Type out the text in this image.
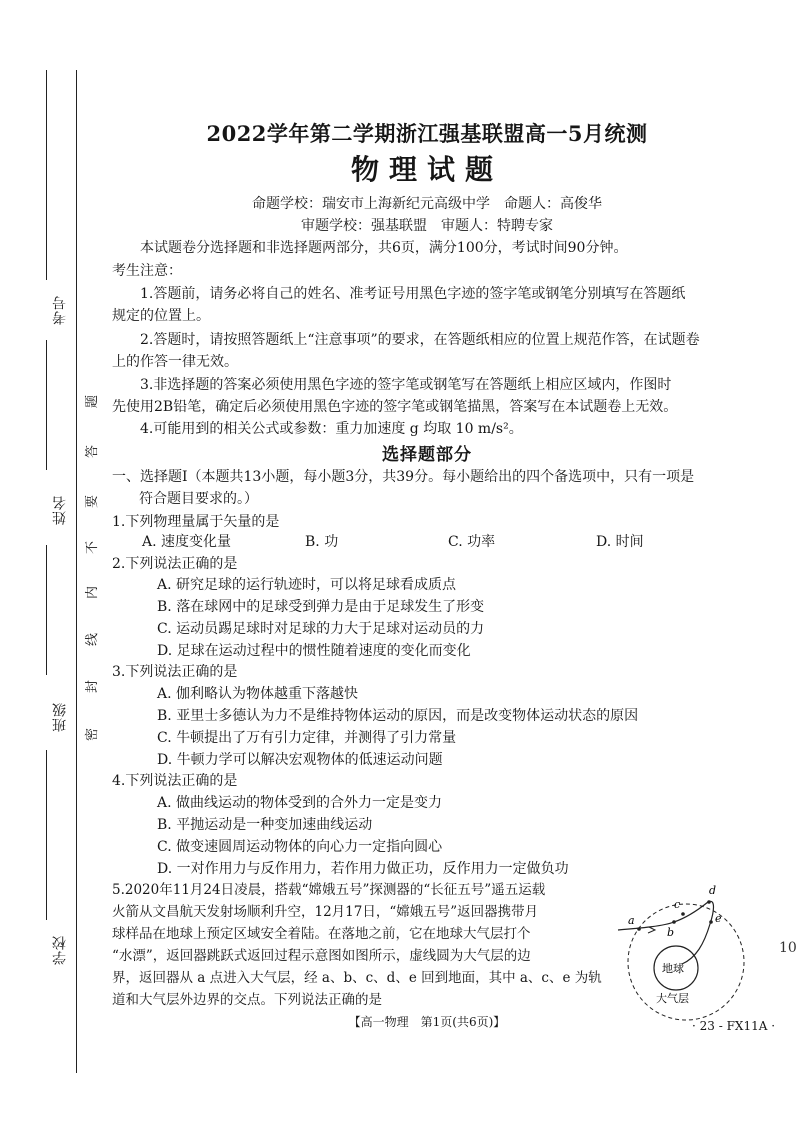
考号
姓名
班级
学校
题
答
要
不
内
线
封
密
2022学年第二学期浙江强基联盟高一5月统测
物理试题
命题学校：瑞安市上海新纪元高级中学　命题人：高俊华
审题学校：强基联盟　审题人：特聘专家
本试题卷分选择题和非选择题两部分，共6页，满分100分，考试时间90分钟。
考生注意：
1.答题前，请务必将自己的姓名、准考证号用黑色字迹的签字笔或钢笔分别填写在答题纸
规定的位置上。
2.答题时，请按照答题纸上“注意事项”的要求，在答题纸相应的位置上规范作答，在试题卷
上的作答一律无效。
3.非选择题的答案必须使用黑色字迹的签字笔或钢笔写在答题纸上相应区域内，作图时
先使用2B铅笔，确定后必须使用黑色字迹的签字笔或钢笔描黑，答案写在本试题卷上无效。
4.可能用到的相关公式或参数：重力加速度 g 均取 10 m/s²。
选择题部分
一、选择题Ⅰ（本题共13小题，每小题3分，共39分。每小题给出的四个备选项中，只有一项是
符合题目要求的。）
1.下列物理量属于矢量的是
A. 速度变化量	B. 功	C. 功率	D. 时间
2.下列说法正确的是
A. 研究足球的运行轨迹时，可以将足球看成质点
B. 落在球网中的足球受到弹力是由于足球发生了形变
C. 运动员踢足球时对足球的力大于足球对运动员的力
D. 足球在运动过程中的惯性随着速度的变化而变化
3.下列说法正确的是
A. 伽利略认为物体越重下落越快
B. 亚里士多德认为力不是维持物体运动的原因，而是改变物体运动状态的原因
C. 牛顿提出了万有引力定律，并测得了引力常量
D. 牛顿力学可以解决宏观物体的低速运动问题
4.下列说法正确的是
A. 做曲线运动的物体受到的合外力一定是变力
B. 平抛运动是一种变加速曲线运动
C. 做变速圆周运动物体的向心力一定指向圆心
D. 一对作用力与反作用力，若作用力做正功，反作用力一定做负功
5.2020年11月24日凌晨，搭载“嫦娥五号”探测器的“长征五号”遥五运载
火箭从文昌航天发射场顺利升空，12月17日，“嫦娥五号”返回器携带月
球样品在地球上预定区域安全着陆。在落地之前，它在地球大气层打个
“水漂”，返回器跳跃式返回过程示意图如图所示，虚线圆为大气层的边
界，返回器从 a 点进入大气层，经 a、b、c、d、e 回到地面，其中 a、c、e 为轨
道和大气层外边界的交点。下列说法正确的是
【高一物理　第1页(共6页)】
a
b
c
d
e
地球
大气层
· 23 - FX11A ·
10
